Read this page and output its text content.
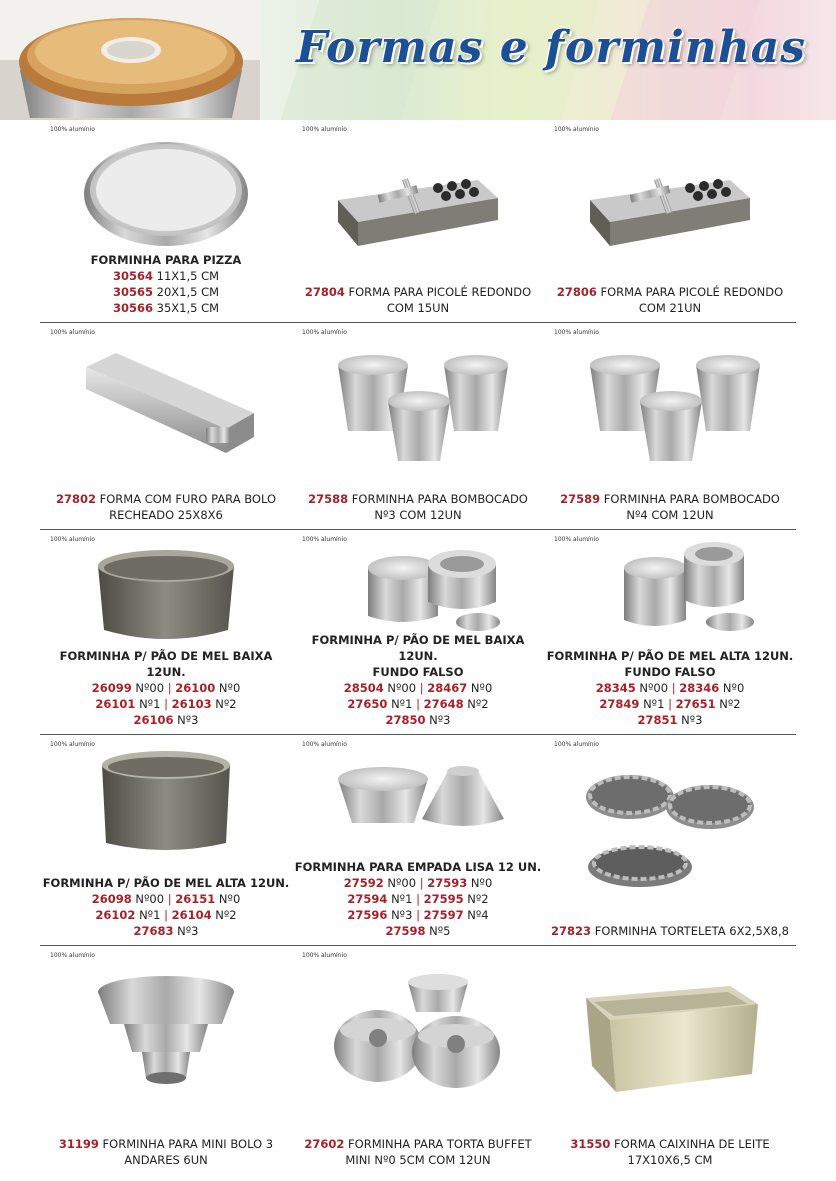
Formas e forminhas
100% alumínio
FORMINHA PARA PIZZA
30564 11X1,5 CM
30565 20X1,5 CM
30566 35X1,5 CM
100% alumínio
27804 FORMA PARA PICOLÉ REDONDO
COM 15UN
100% alumínio
27806 FORMA PARA PICOLÉ REDONDO
COM 21UN
100% alumínio
27802 FORMA COM FURO PARA BOLO
RECHEADO 25X8X6
100% alumínio
27588 FORMINHA PARA BOMBOCADO
Nº3 COM 12UN
100% alumínio
27589 FORMINHA PARA BOMBOCADO
Nº4 COM 12UN
100% alumínio
FORMINHA P/ PÃO DE MEL BAIXA 12UN.
26099 Nº00 | 26100 Nº0
26101 Nº1 | 26103 Nº2
26106 Nº3
100% alumínio
FORMINHA P/ PÃO DE MEL BAIXA 12UN.
FUNDO FALSO
28504 Nº00 | 28467 Nº0
27650 Nº1 | 27648 Nº2
27850 Nº3
100% alumínio
FORMINHA P/ PÃO DE MEL ALTA 12UN.
FUNDO FALSO
28345 Nº00 | 28346 Nº0
27849 Nº1 | 27651 Nº2
27851 Nº3
100% alumínio
FORMINHA P/ PÃO DE MEL ALTA 12UN.
26098 Nº00 | 26151 Nº0
26102 Nº1 | 26104 Nº2
27683 Nº3
100% alumínio
FORMINHA PARA EMPADA LISA 12 UN.
27592 Nº00 | 27593 Nº0
27594 Nº1 | 27595 Nº2
27596 Nº3 | 27597 Nº4
27598 Nº5
100% alumínio
27823 FORMINHA TORTELETA 6X2,5X8,8
100% alumínio
31199 FORMINHA PARA MINI BOLO 3
ANDARES 6UN
100% alumínio
27602 FORMINHA PARA TORTA BUFFET
MINI Nº0 5CM COM 12UN
31550 FORMA CAIXINHA DE LEITE
17X10X6,5 CM
